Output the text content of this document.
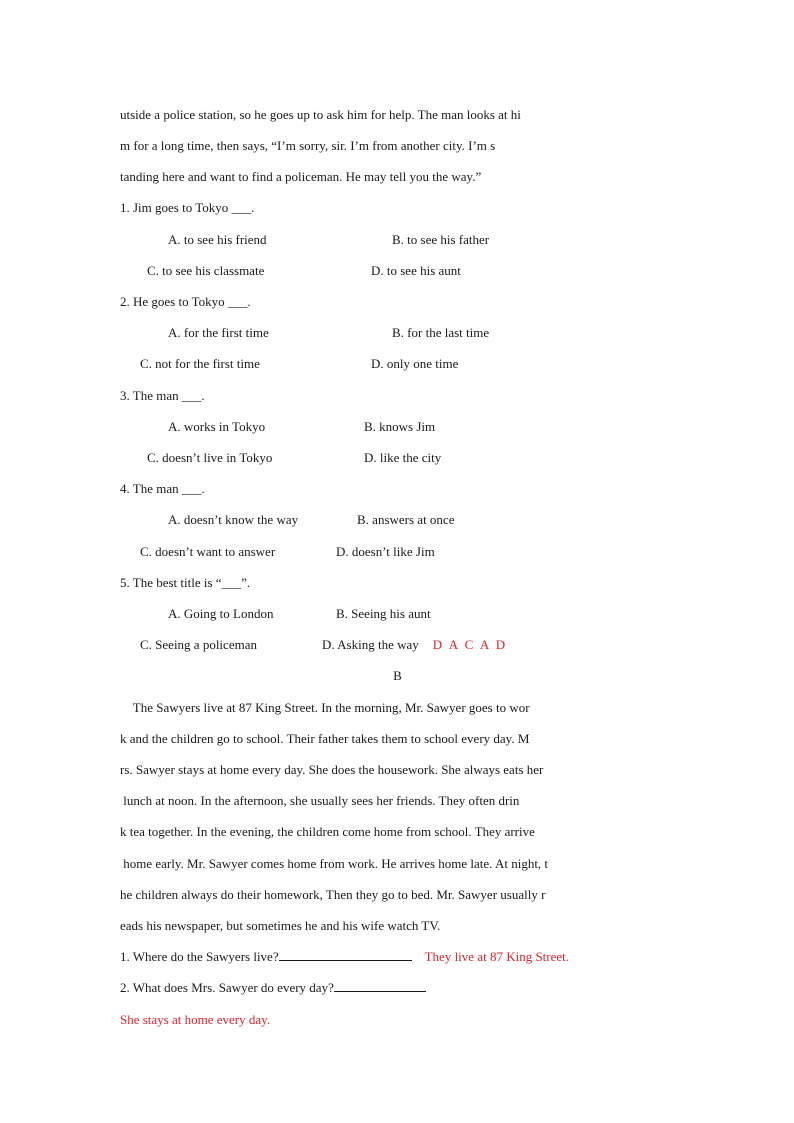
utside a police station, so he goes up to ask him for help. The man looks at hi
m for a long time, then says, “I’m sorry, sir. I’m from another city. I’m s
tanding here and want to find a policeman. He may tell you the way.”
1. Jim goes to Tokyo ___.
A. to see his friend	B. to see his father
C. to see his classmate	D. to see his aunt
2. He goes to Tokyo ___.
A. for the first time	B. for the last time
C. not for the first time	D. only one time
3. The man ___.
A. works in Tokyo	B. knows Jim
C. doesn’t live in Tokyo	D. like the city
4. The man ___.
A. doesn’t know the way	B. answers at once
C. doesn’t want to answer	D. doesn’t like Jim
5. The best title is “___”.
A. Going to London	B. Seeing his aunt
C. Seeing a policeman	D. Asking the way D A C A D
B
The Sawyers live at 87 King Street. In the morning, Mr. Sawyer goes to wor
k and the children go to school. Their father takes them to school every day. M
rs. Sawyer stays at home every day. She does the housework. She always eats her
lunch at noon. In the afternoon, she usually sees her friends. They often drin
k tea together. In the evening, the children come home from school. They arrive
home early. Mr. Sawyer comes home from work. He arrives home late. At night, t
he children always do their homework, Then they go to bed. Mr. Sawyer usually r
eads his newspaper, but sometimes he and his wife watch TV.
1. Where do the Sawyers live?	They live at 87 King Street.
2. What does Mrs. Sawyer do every day?
She stays at home every day.
